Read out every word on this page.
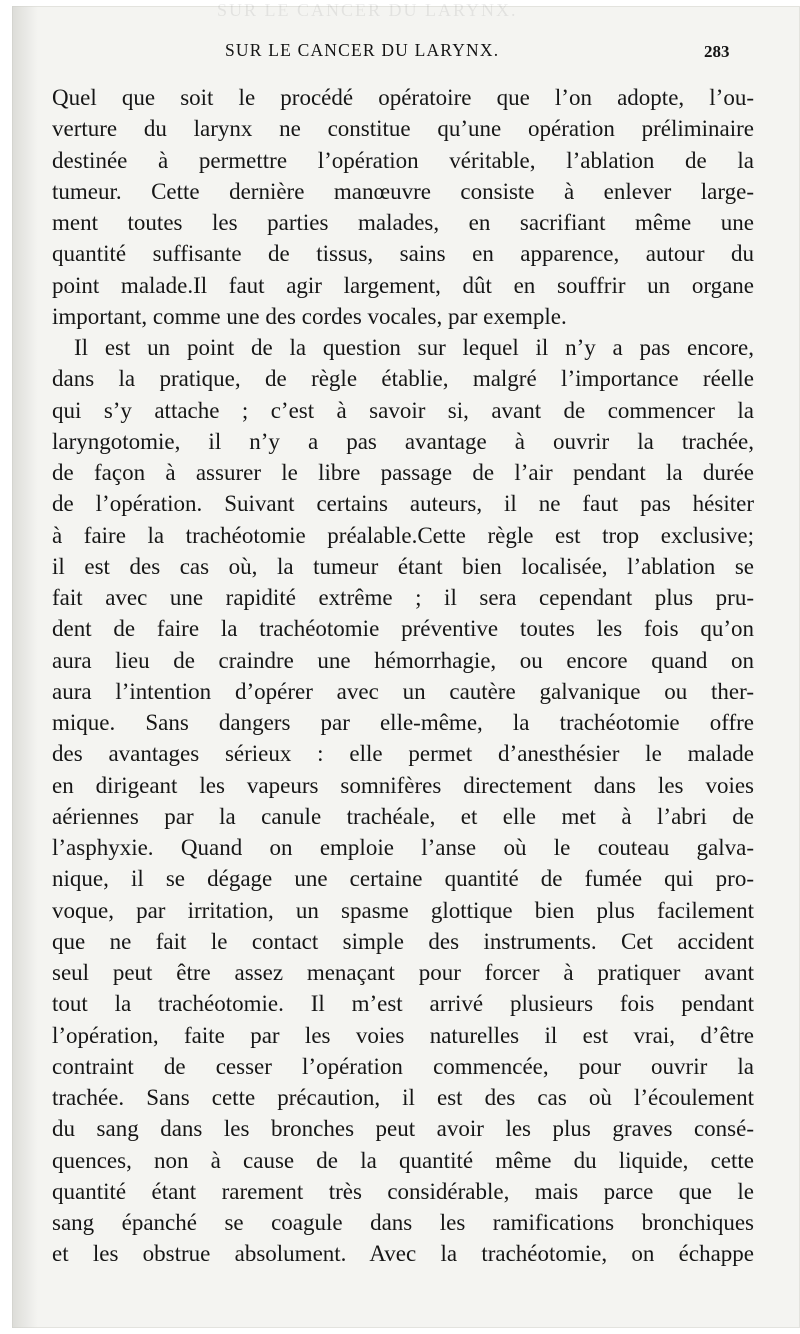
SUR LE CANCER DU LARYNX.
SUR LE CANCER DU LARYNX.	283
Quel que soit le procédé opératoire que l’on adopte, l’ou-
verture du larynx ne constitue qu’une opération préliminaire
destinée à permettre l’opération véritable, l’ablation de la
tumeur. Cette dernière manœuvre consiste à enlever large-
ment toutes les parties malades, en sacrifiant même une
quantité suffisante de tissus, sains en apparence, autour du
point malade.Il faut agir largement, dût en souffrir un organe
important, comme une des cordes vocales, par exemple.
Il est un point de la question sur lequel il n’y a pas encore,
dans la pratique, de règle établie, malgré l’importance réelle
qui s’y attache ; c’est à savoir si, avant de commencer la
laryngotomie, il n’y a pas avantage à ouvrir la trachée,
de façon à assurer le libre passage de l’air pendant la durée
de l’opération. Suivant certains auteurs, il ne faut pas hésiter
à faire la trachéotomie préalable.Cette règle est trop exclusive;
il est des cas où, la tumeur étant bien localisée, l’ablation se
fait avec une rapidité extrême ; il sera cependant plus pru-
dent de faire la trachéotomie préventive toutes les fois qu’on
aura lieu de craindre une hémorrhagie, ou encore quand on
aura l’intention d’opérer avec un cautère galvanique ou ther-
mique. Sans dangers par elle-même, la trachéotomie offre
des avantages sérieux : elle permet d’anesthésier le malade
en dirigeant les vapeurs somnifères directement dans les voies
aériennes par la canule trachéale, et elle met à l’abri de
l’asphyxie. Quand on emploie l’anse où le couteau galva-
nique, il se dégage une certaine quantité de fumée qui pro-
voque, par irritation, un spasme glottique bien plus facilement
que ne fait le contact simple des instruments. Cet accident
seul peut être assez menaçant pour forcer à pratiquer avant
tout la trachéotomie. Il m’est arrivé plusieurs fois pendant
l’opération, faite par les voies naturelles il est vrai, d’être
contraint de cesser l’opération commencée, pour ouvrir la
trachée. Sans cette précaution, il est des cas où l’écoulement
du sang dans les bronches peut avoir les plus graves consé-
quences, non à cause de la quantité même du liquide, cette
quantité étant rarement très considérable, mais parce que le
sang épanché se coagule dans les ramifications bronchiques
et les obstrue absolument. Avec la trachéotomie, on échappe
